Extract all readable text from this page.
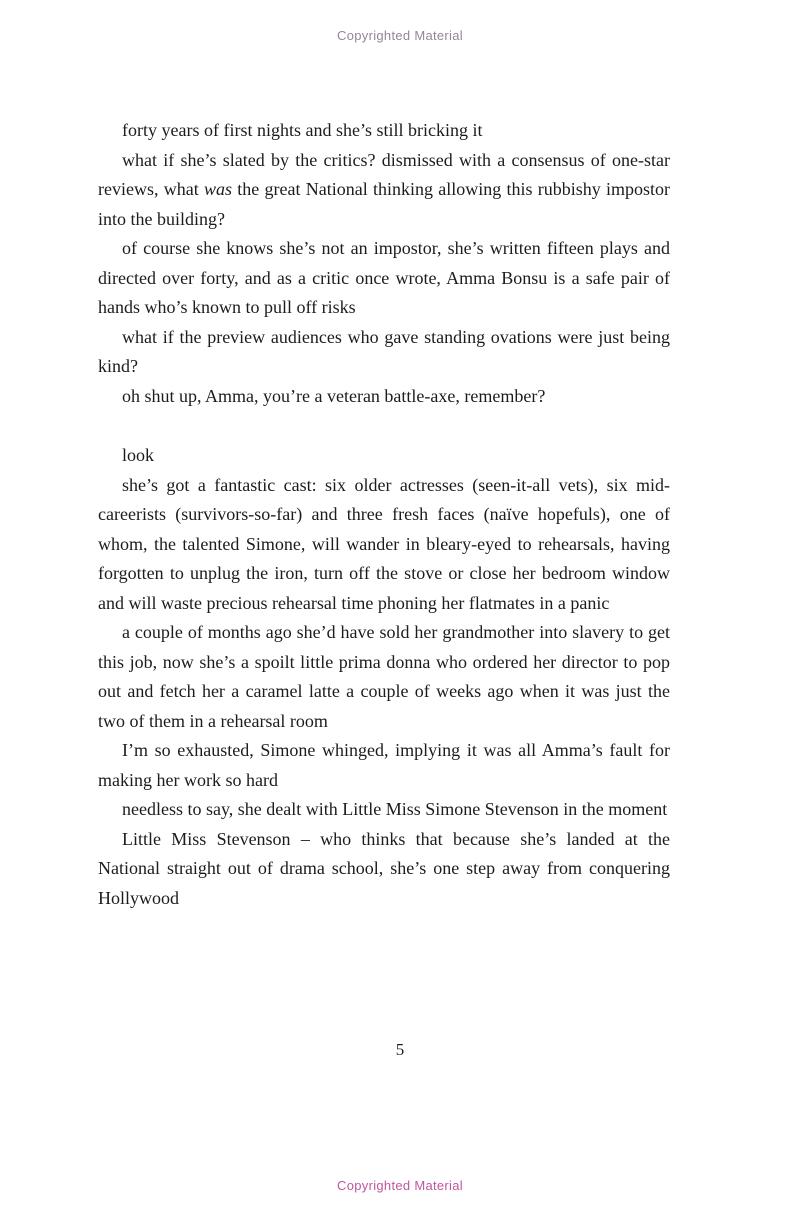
Copyrighted Material

forty years of first nights and she’s still bricking it

what if she’s slated by the critics? dismissed with a consensus of one-star reviews, what was the great National thinking allowing this rubbishy impostor into the building?

of course she knows she’s not an impostor, she’s written fifteen plays and directed over forty, and as a critic once wrote, Amma Bonsu is a safe pair of hands who’s known to pull off risks

what if the preview audiences who gave standing ovations were just being kind?

oh shut up, Amma, you’re a veteran battle-axe, remember?

look

she’s got a fantastic cast: six older actresses (seen-it-all vets), six mid-careerists (survivors-so-far) and three fresh faces (naïve hopefuls), one of whom, the talented Simone, will wander in bleary-eyed to rehearsals, having forgotten to unplug the iron, turn off the stove or close her bedroom window and will waste precious rehearsal time phoning her flatmates in a panic

a couple of months ago she’d have sold her grandmother into slavery to get this job, now she’s a spoilt little prima donna who ordered her director to pop out and fetch her a caramel latte a couple of weeks ago when it was just the two of them in a rehearsal room

I’m so exhausted, Simone whinged, implying it was all Amma’s fault for making her work so hard

needless to say, she dealt with Little Miss Simone Stevenson in the moment

Little Miss Stevenson – who thinks that because she’s landed at the National straight out of drama school, she’s one step away from conquering Hollywood

5
Copyrighted Material
